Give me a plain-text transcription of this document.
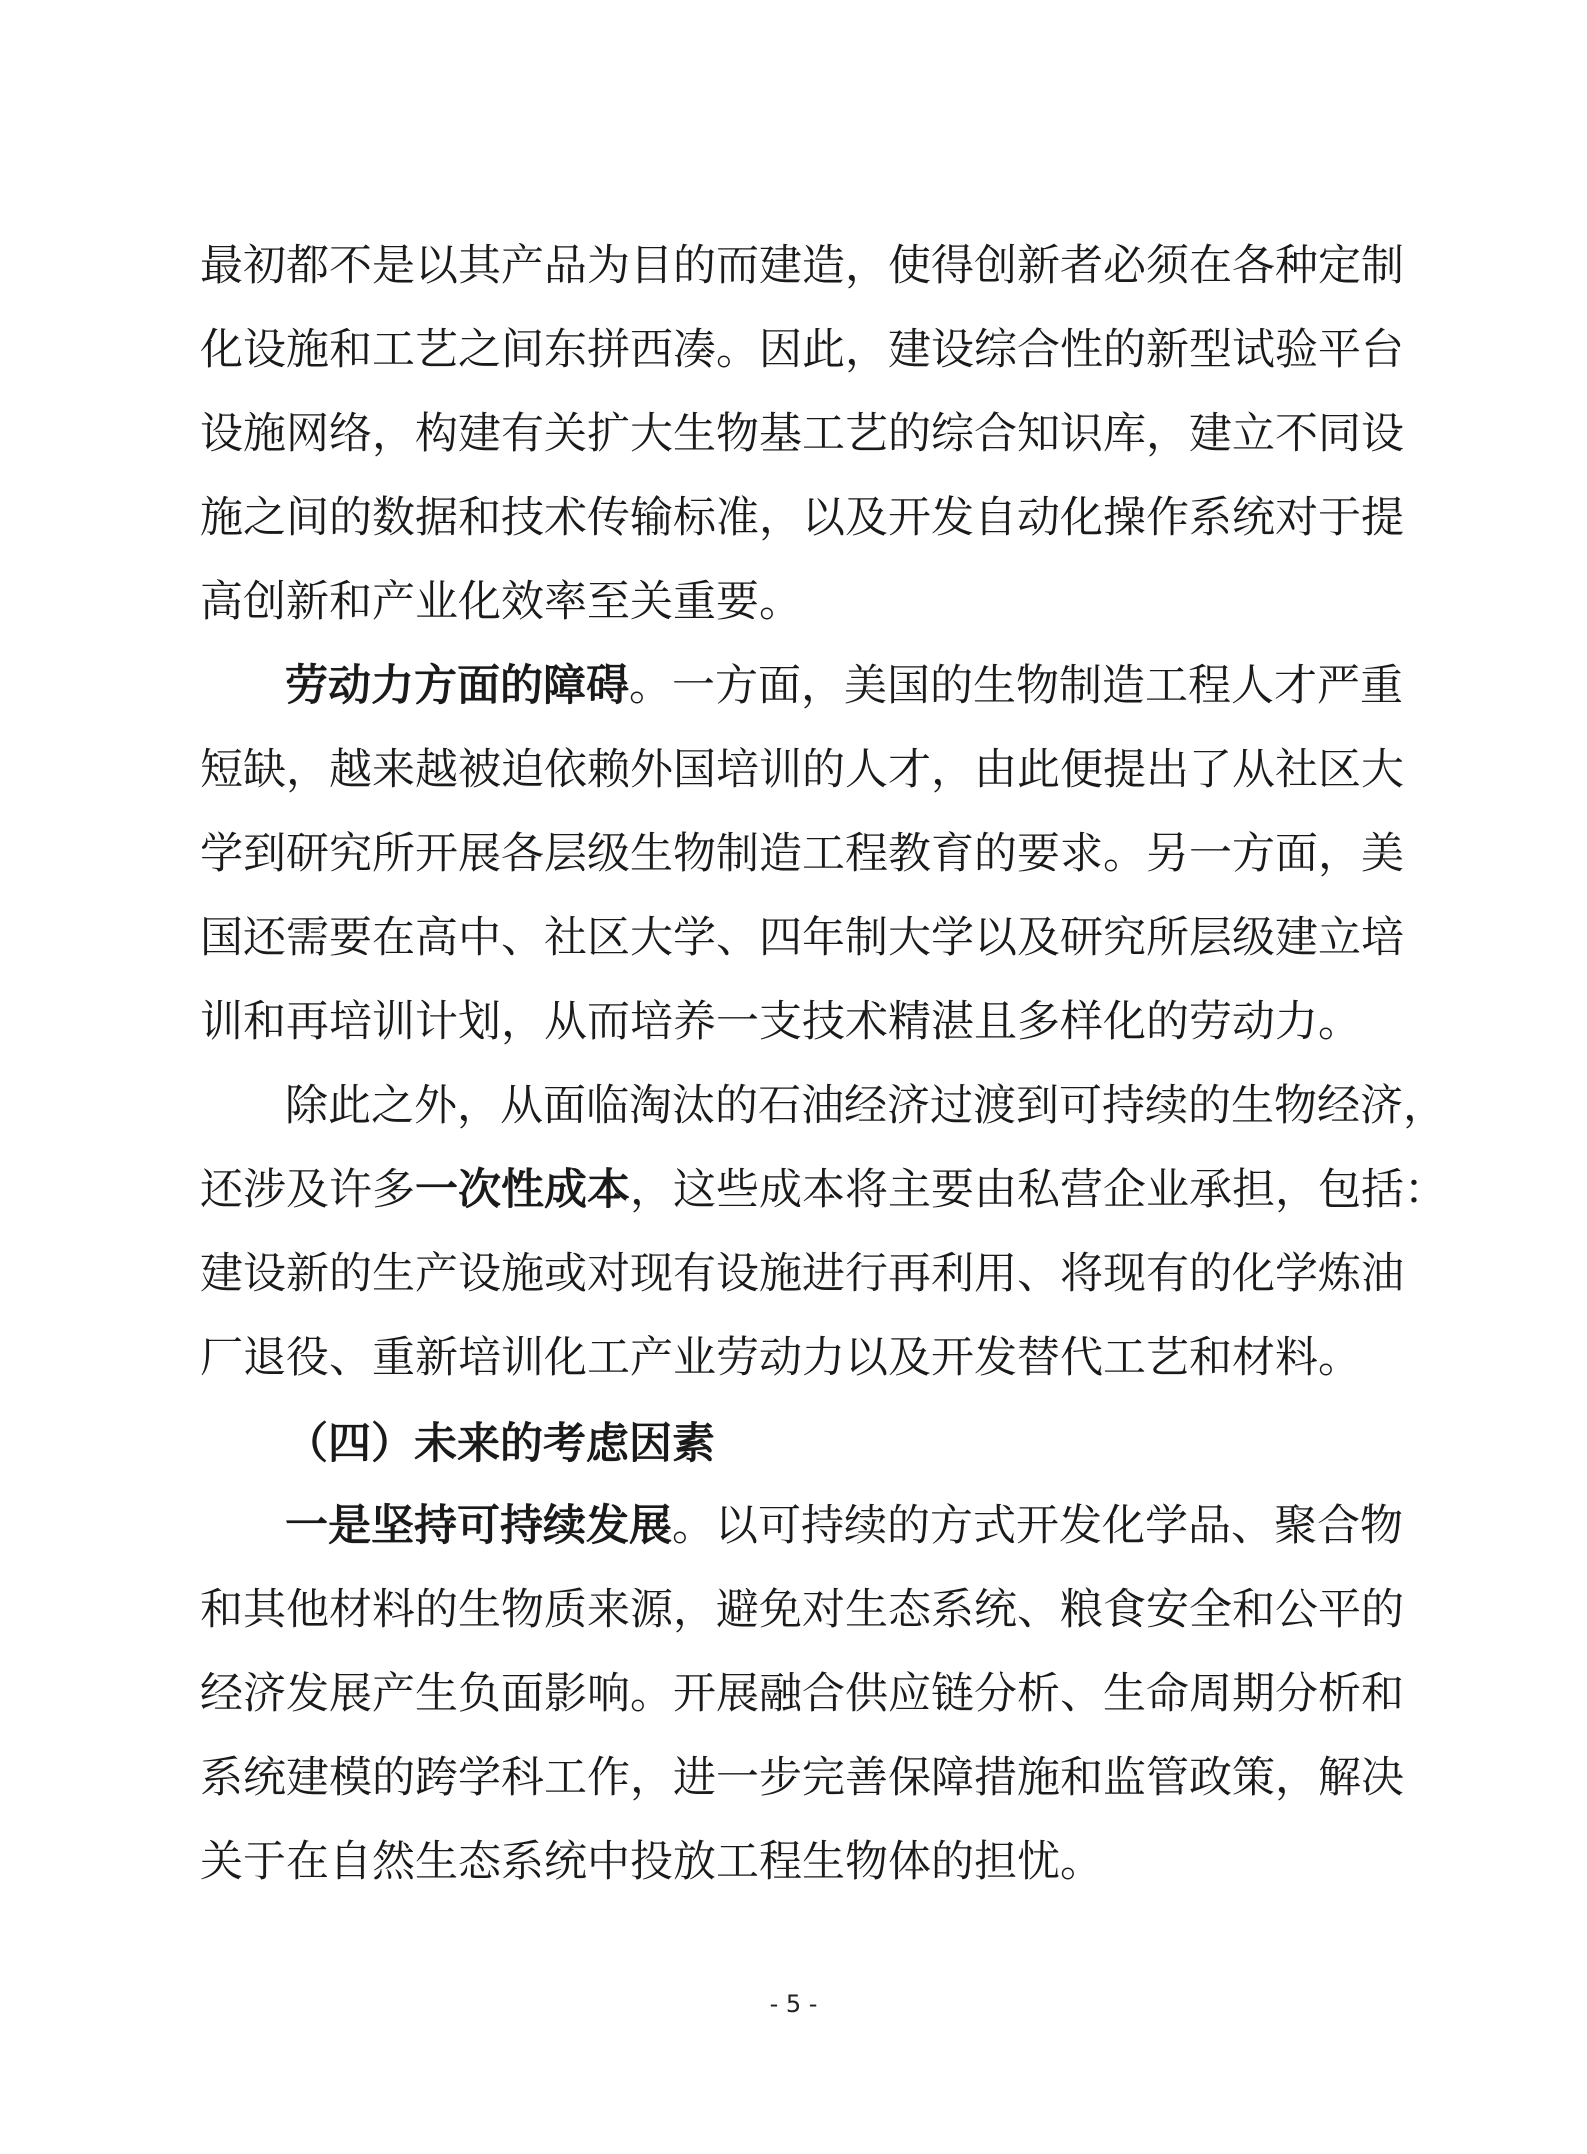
最初都不是以其产品为目的而建造，使得创新者必须在各种定制
化设施和工艺之间东拼西凑。因此，建设综合性的新型试验平台
设施网络，构建有关扩大生物基工艺的综合知识库，建立不同设
施之间的数据和技术传输标准，以及开发自动化操作系统对于提
高创新和产业化效率至关重要。
劳动力方面的障碍。一方面，美国的生物制造工程人才严重
短缺，越来越被迫依赖外国培训的人才，由此便提出了从社区大
学到研究所开展各层级生物制造工程教育的要求。另一方面，美
国还需要在高中、社区大学、四年制大学以及研究所层级建立培
训和再培训计划，从而培养一支技术精湛且多样化的劳动力。
除此之外，从面临淘汰的石油经济过渡到可持续的生物经济，
还涉及许多一次性成本，这些成本将主要由私营企业承担，包括：
建设新的生产设施或对现有设施进行再利用、将现有的化学炼油
厂退役、重新培训化工产业劳动力以及开发替代工艺和材料。
（四）未来的考虑因素
一是坚持可持续发展。以可持续的方式开发化学品、聚合物
和其他材料的生物质来源，避免对生态系统、粮食安全和公平的
经济发展产生负面影响。开展融合供应链分析、生命周期分析和
系统建模的跨学科工作，进一步完善保障措施和监管政策，解决
关于在自然生态系统中投放工程生物体的担忧。
- 5 -
